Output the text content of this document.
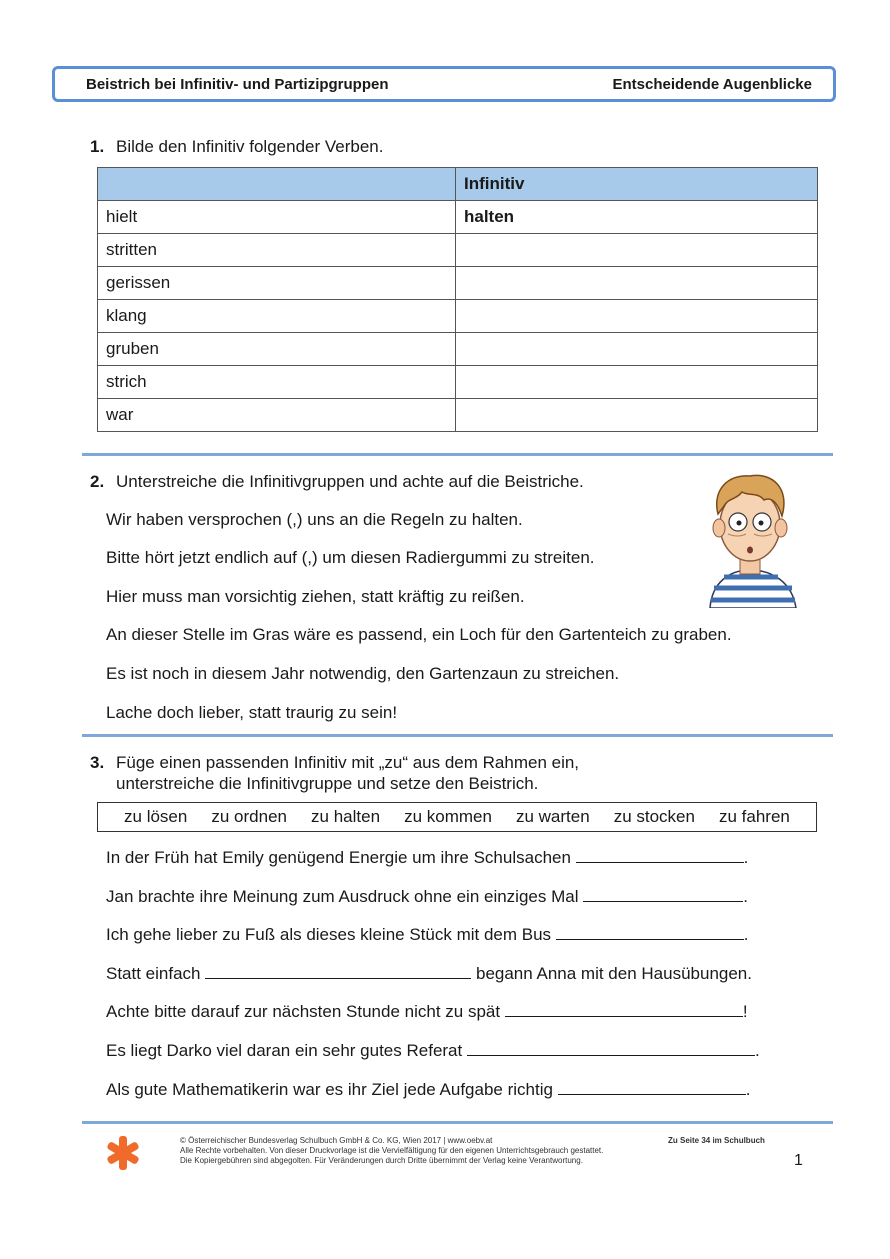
Beistrich bei Infinitiv- und Partizipgruppen	Entscheidende Augenblicke
1. Bilde den Infinitiv folgender Verben.
	Infinitiv
hielt	halten
stritten	
gerissen	
klang	
gruben	
strich	
war	
2. Unterstreiche die Infinitivgruppen und achte auf die Beistriche.
Wir haben versprochen (,) uns an die Regeln zu halten.
Bitte hört jetzt endlich auf (,) um diesen Radiergummi zu streiten.
Hier muss man vorsichtig ziehen, statt kräftig zu reißen.
An dieser Stelle im Gras wäre es passend, ein Loch für den Gartenteich zu graben.
Es ist noch in diesem Jahr notwendig, den Gartenzaun zu streichen.
Lache doch lieber, statt traurig zu sein!
3. Füge einen passenden Infinitiv mit „zu“ aus dem Rahmen ein,
unterstreiche die Infinitivgruppe und setze den Beistrich.
zu lösen zu ordnen zu halten zu kommen zu warten zu stocken zu fahren
In der Früh hat Emily genügend Energie um ihre Schulsachen	.
Jan brachte ihre Meinung zum Ausdruck ohne ein einziges Mal	.
Ich gehe lieber zu Fuß als dieses kleine Stück mit dem Bus	.
Statt einfach	begann Anna mit den Hausübungen.
Achte bitte darauf zur nächsten Stunde nicht zu spät	!
Es liegt Darko viel daran ein sehr gutes Referat	.
Als gute Mathematikerin war es ihr Ziel jede Aufgabe richtig	.
© Österreichischer Bundesverlag Schulbuch GmbH & Co. KG, Wien 2017 | www.oebv.at
Alle Rechte vorbehalten. Von dieser Druckvorlage ist die Vervielfältigung für den eigenen Unterrichtsgebrauch gestattet.
Die Kopiergebühren sind abgegolten. Für Veränderungen durch Dritte übernimmt der Verlag keine Verantwortung.
Zu Seite 34 im Schulbuch
1
